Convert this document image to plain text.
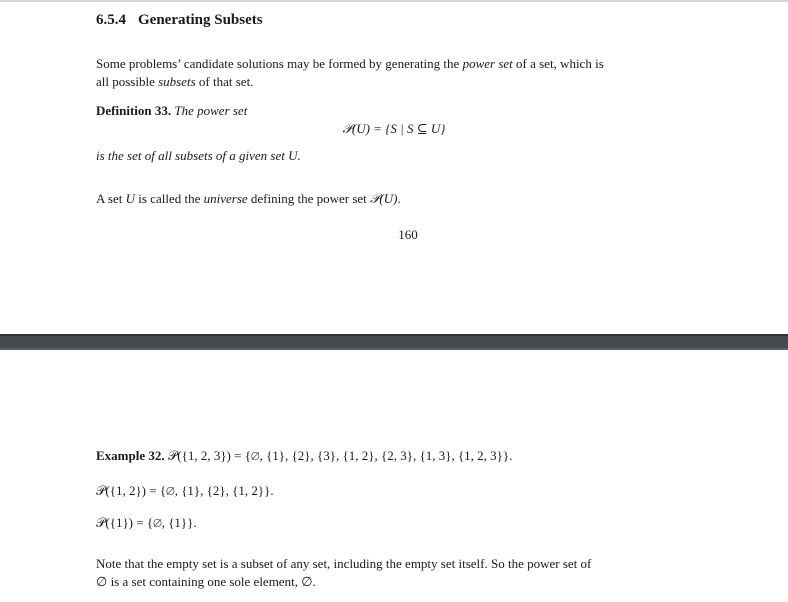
6.5.4 Generating Subsets
Some problems’ candidate solutions may be formed by generating the power set of a set, which is
all possible subsets of that set.
Definition 33. The power set
𝒫(U) = {S | S ⊆ U}
is the set of all subsets of a given set U.
A set U is called the universe defining the power set 𝒫(U).
160
Example 32. 𝒫({1, 2, 3}) = {∅, {1}, {2}, {3}, {1, 2}, {2, 3}, {1, 3}, {1, 2, 3}}.
𝒫({1, 2}) = {∅, {1}, {2}, {1, 2}}.
𝒫({1}) = {∅, {1}}.
Note that the empty set is a subset of any set, including the empty set itself. So the power set of
∅ is a set containing one sole element, ∅.
